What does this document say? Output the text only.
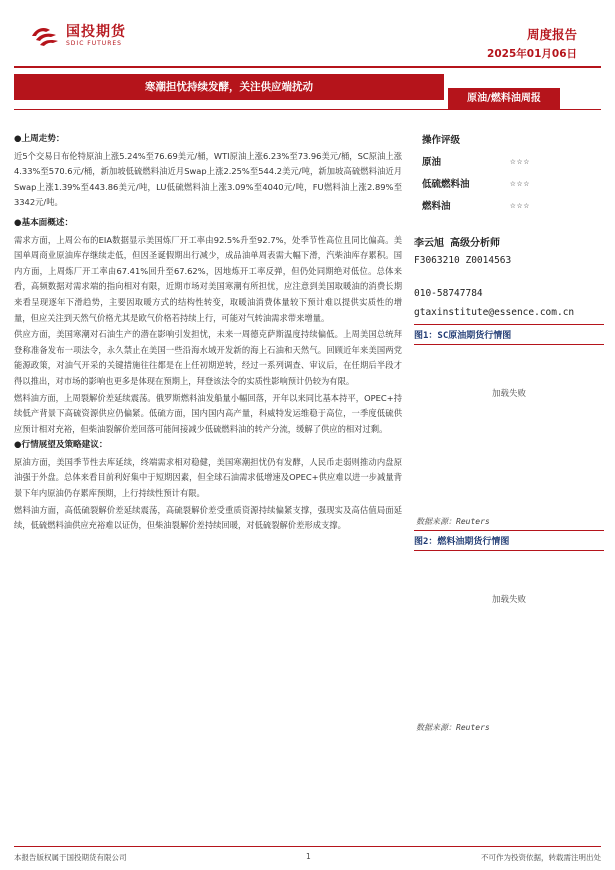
国投期货
SDIC FUTURES
周度报告
2025年01月06日
寒潮担忧持续发酵，关注供应端扰动
原油/燃料油周报
●上周走势：
近5个交易日布伦特原油上涨5.24%至76.69美元/桶，WTI原油上涨6.23%至73.96美元/桶，SC原油上涨4.33%至570.6元/桶，新加坡低硫燃料油近月Swap上涨2.25%至544.2美元/吨，新加坡高硫燃料油近月Swap上涨1.39%至443.86美元/吨，LU低硫燃料油上涨3.09%至4040元/吨，FU燃料油上涨2.89%至3342元/吨。
●基本面概述：
需求方面，上周公布的EIA数据显示美国炼厂开工率由92.5%升至92.7%，处季节性高位且同比偏高。美国单周商业原油库存继续走低，但因圣诞假期出行减少，成品油单周表需大幅下滑，汽柴油库存累积。国内方面，上周炼厂开工率由67.41%回升至67.62%，因地炼开工率反弹，但仍处同期绝对低位。总体来看，高频数据对需求端的指向相对有限，近期市场对美国寒潮有所担忧，应注意到美国取暖油的消费长期来看呈现逐年下滑趋势，主要因取暖方式的结构性转变，取暖油消费体量较下预计难以提供实质性的增量，但应关注到天然气价格尤其是欧气价格若持续上行，可能对气转油需求带来增量。
供应方面，美国寒潮对石油生产的潜在影响引发担忧，未来一周德克萨斯温度持续偏低。上周美国总统拜登称准备发布一项法令，永久禁止在美国一些沿海水域开发新的海上石油和天然气。回顾近年来美国两党能源政策，对油气开采的关键措施往往都是在上任初期逆转，经过一系列调查、审议后，在任期后半段才得以推出，对市场的影响也更多是体现在预期上，拜登该法令的实质性影响预计仍较为有限。
燃料油方面，上周裂解价差延续震荡。俄罗斯燃料油发船量小幅回落，开年以来同比基本持平，OPEC+持续低产背景下高硫资源供应仍偏紧。低硫方面，国内国内高产量，科威特发运维稳于高位，一季度低硫供应预计相对充裕，但柴油裂解价差回落可能间接减少低硫燃料油的转产分流，缓解了供应的相对过剩。
●行情展望及策略建议：
原油方面，美国季节性去库延续，终端需求相对稳健，美国寒潮担忧仍有发酵，人民币走弱则推动内盘原油强于外盘。总体来看目前利好集中于短期因素，但全球石油需求低增速及OPEC+供应难以进一步减量背景下年内原油仍存累库预期，上行持续性预计有限。
燃料油方面，高低硫裂解价差延续震荡，高硫裂解价差受重质资源持续偏紧支撑，强现实及高估值局面延续，低硫燃料油供应充裕难以证伪，但柴油裂解价差持续回暖，对低硫裂解价差形成支撑。
操作评级
原油	☆☆☆
低硫燃料油	☆☆☆
燃料油	☆☆☆
李云旭 高级分析师
F3063210 Z0014563
010-58747784
gtaxinstitute@essence.com.cn
图1：SC原油期货行情图
加载失败
数据来源：Reuters
图2：燃料油期货行情图
加载失败
数据来源：Reuters
本报告版权属于国投期货有限公司	1	不可作为投资依据，转载需注明出处
